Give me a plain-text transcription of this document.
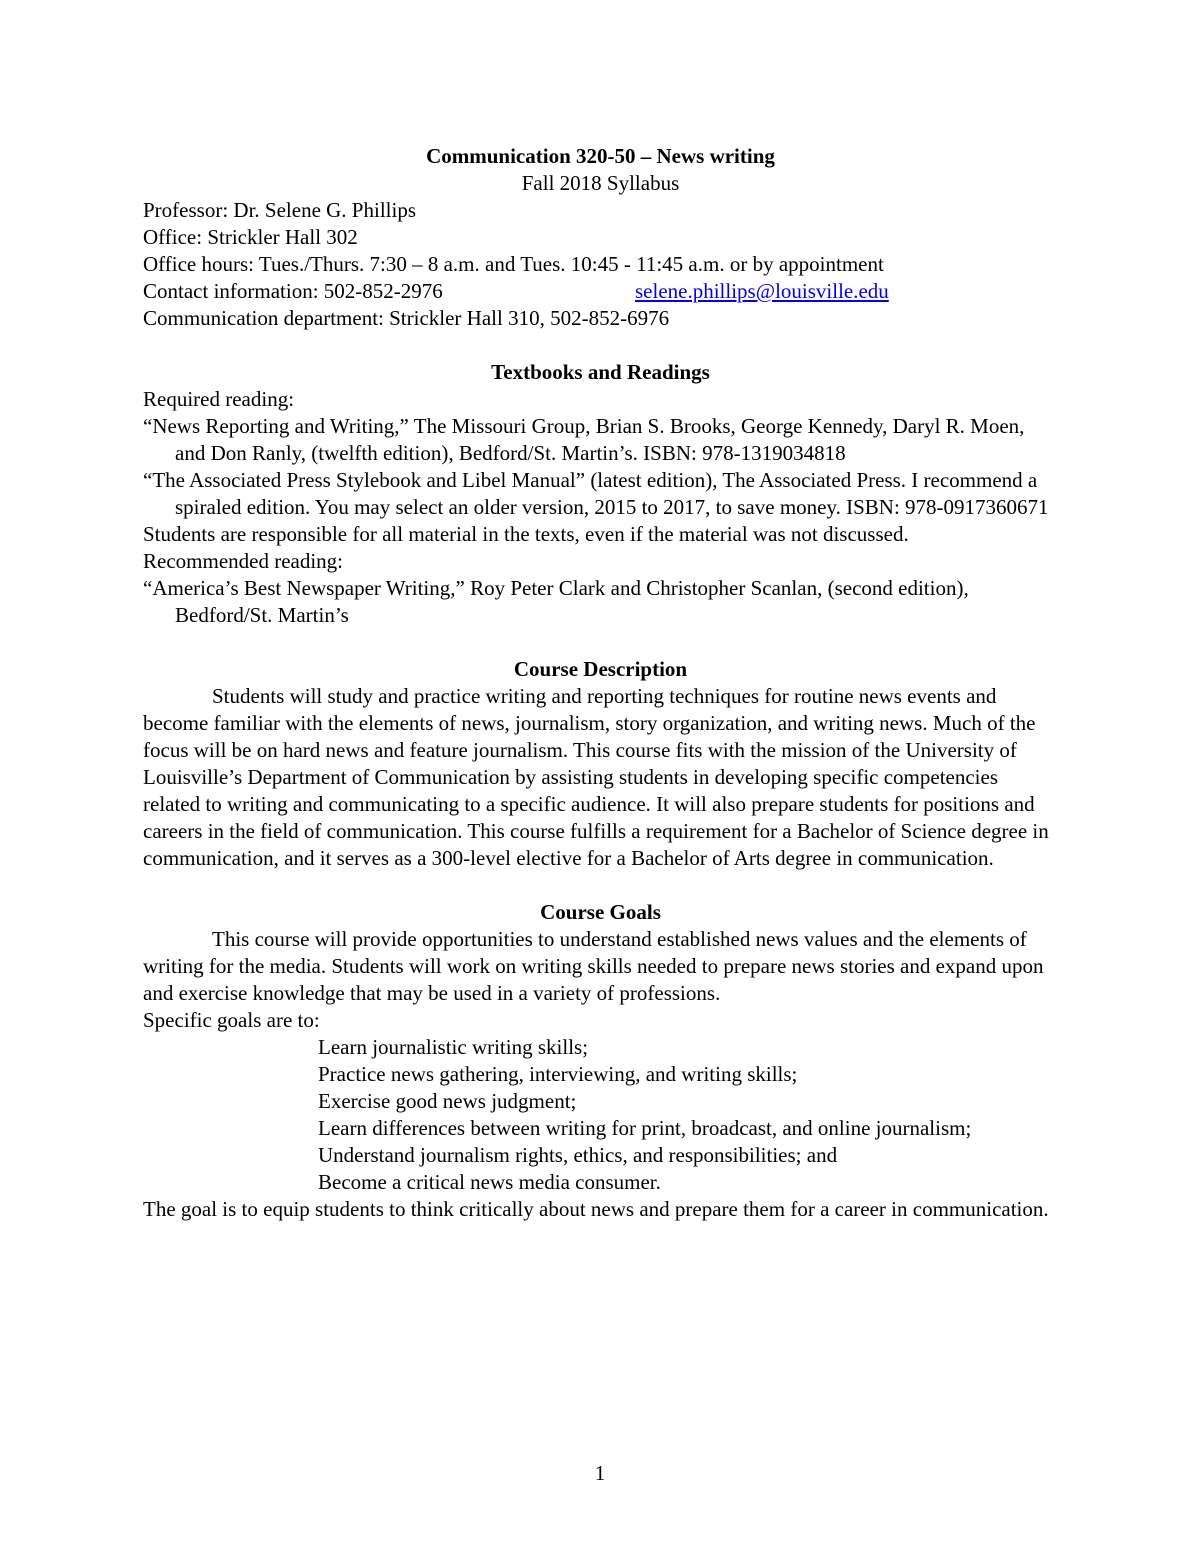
Communication 320-50 – News writing
Fall 2018 Syllabus
Professor: Dr. Selene G. Phillips
Office: Strickler Hall 302
Office hours: Tues./Thurs. 7:30 – 8 a.m. and Tues. 10:45 - 11:45 a.m. or by appointment
Contact information: 502-852-2976	selene.phillips@louisville.edu
Communication department: Strickler Hall 310, 502-852-6976
Textbooks and Readings
Required reading:
“News Reporting and Writing,” The Missouri Group, Brian S. Brooks, George Kennedy, Daryl R. Moen, and Don Ranly, (twelfth edition), Bedford/St. Martin’s. ISBN: 978-1319034818
“The Associated Press Stylebook and Libel Manual” (latest edition), The Associated Press. I recommend a spiraled edition. You may select an older version, 2015 to 2017, to save money. ISBN: 978-0917360671
Students are responsible for all material in the texts, even if the material was not discussed.
Recommended reading:
“America’s Best Newspaper Writing,” Roy Peter Clark and Christopher Scanlan, (second edition), Bedford/St. Martin’s
Course Description
Students will study and practice writing and reporting techniques for routine news events and become familiar with the elements of news, journalism, story organization, and writing news. Much of the focus will be on hard news and feature journalism. This course fits with the mission of the University of Louisville’s Department of Communication by assisting students in developing specific competencies related to writing and communicating to a specific audience. It will also prepare students for positions and careers in the field of communication. This course fulfills a requirement for a Bachelor of Science degree in communication, and it serves as a 300-level elective for a Bachelor of Arts degree in communication.
Course Goals
This course will provide opportunities to understand established news values and the elements of writing for the media. Students will work on writing skills needed to prepare news stories and expand upon and exercise knowledge that may be used in a variety of professions.
Specific goals are to:
Learn journalistic writing skills;
Practice news gathering, interviewing, and writing skills;
Exercise good news judgment;
Learn differences between writing for print, broadcast, and online journalism;
Understand journalism rights, ethics, and responsibilities; and
Become a critical news media consumer.
The goal is to equip students to think critically about news and prepare them for a career in communication.
1
